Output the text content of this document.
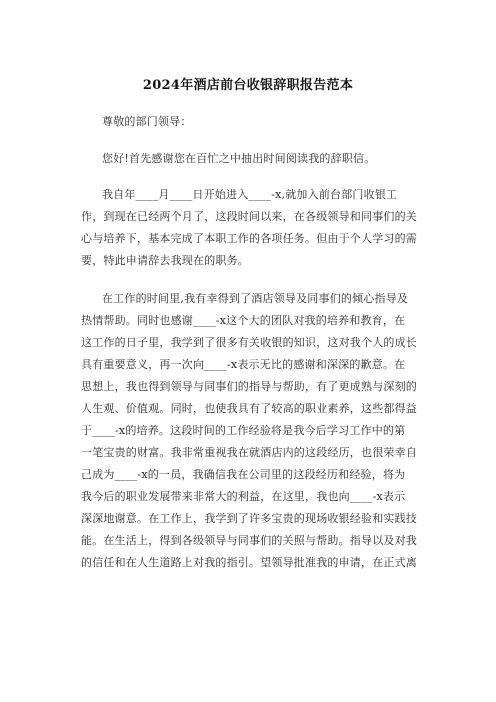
2024年酒店前台收银辞职报告范本
尊敬的部门领导：
您好!首先感谢您在百忙之中抽出时间阅读我的辞职信。
我自年____月____日开始进入____-x,就加入前台部门收银工
作，到现在已经两个月了，这段时间以来，在各级领导和同事们的关
心与培养下，基本完成了本职工作的各项任务。但由于个人学习的需
要，特此申请辞去我现在的职务。
在工作的时间里,我有幸得到了酒店领导及同事们的倾心指导及
热情帮助。同时也感谢____-x这个大的团队对我的培养和教育，在
这工作的日子里，我学到了很多有关收银的知识，这对我个人的成长
具有重要意义，再一次向____-x表示无比的感谢和深深的歉意。在
思想上，我也得到领导与同事们的指导与帮助，有了更成熟与深刻的
人生观、价值观。同时，也使我具有了较高的职业素养，这些都得益
于____-x的培养。这段时间的工作经验将是我今后学习工作中的第
一笔宝贵的财富。我非常重视我在就酒店内的这段经历，也很荣幸自
己成为____-x的一员，我确信我在公司里的这段经历和经验，将为
我今后的职业发展带来非常大的利益，在这里，我也向____-x表示
深深地谢意。在工作上，我学到了许多宝贵的现场收银经验和实践技
能。在生活上，得到各级领导与同事们的关照与帮助。指导以及对我
的信任和在人生道路上对我的指引。望领导批准我的申请，在正式离
